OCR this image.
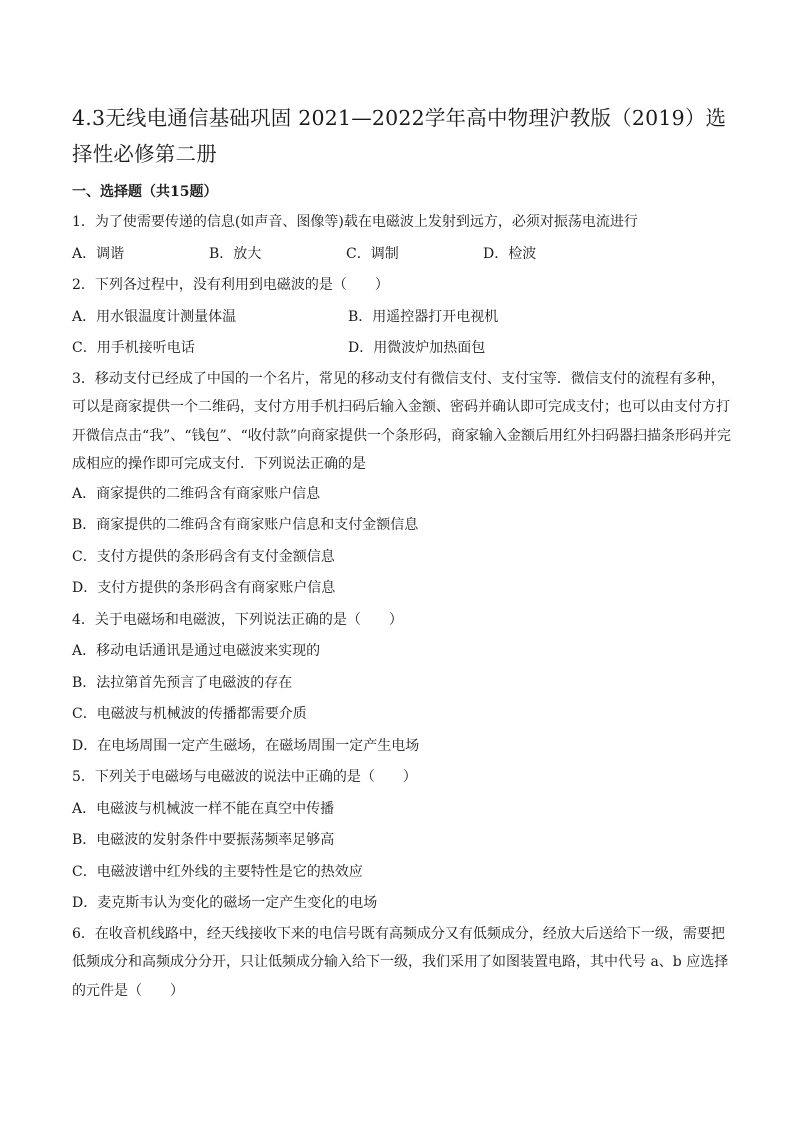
4.3无线电通信基础巩固 2021—2022学年高中物理沪教版（2019）选择性必修第二册
一、选择题（共15题）

1．为了使需要传递的信息(如声音、图像等)载在电磁波上发射到远方，必须对振荡电流进行

A．调谐	B．放大	C．调制	D．检波

2．下列各过程中，没有利用到电磁波的是（　　）

A．用水银温度计测量体温	B．用遥控器打开电视机
C．用手机接听电话	D．用微波炉加热面包

3．移动支付已经成了中国的一个名片，常见的移动支付有微信支付、支付宝等．微信支付的流程有多种，可以是商家提供一个二维码，支付方用手机扫码后输入金额、密码并确认即可完成支付；也可以由支付方打开微信点击“我”、“钱包”、“收付款”向商家提供一个条形码，商家输入金额后用红外扫码器扫描条形码并完成相应的操作即可完成支付．下列说法正确的是

A．商家提供的二维码含有商家账户信息
B．商家提供的二维码含有商家账户信息和支付金额信息
C．支付方提供的条形码含有支付金额信息
D．支付方提供的条形码含有商家账户信息

4．关于电磁场和电磁波，下列说法正确的是（　　）

A．移动电话通讯是通过电磁波来实现的
B．法拉第首先预言了电磁波的存在
C．电磁波与机械波的传播都需要介质
D．在电场周围一定产生磁场，在磁场周围一定产生电场

5．下列关于电磁场与电磁波的说法中正确的是（　　）

A．电磁波与机械波一样不能在真空中传播
B．电磁波的发射条件中要振荡频率足够高
C．电磁波谱中红外线的主要特性是它的热效应
D．麦克斯韦认为变化的磁场一定产生变化的电场

6．在收音机线路中，经天线接收下来的电信号既有高频成分又有低频成分，经放大后送给下一级，需要把低频成分和高频成分分开，只让低频成分输入给下一级，我们采用了如图装置电路，其中代号 a、b 应选择的元件是（　　）
